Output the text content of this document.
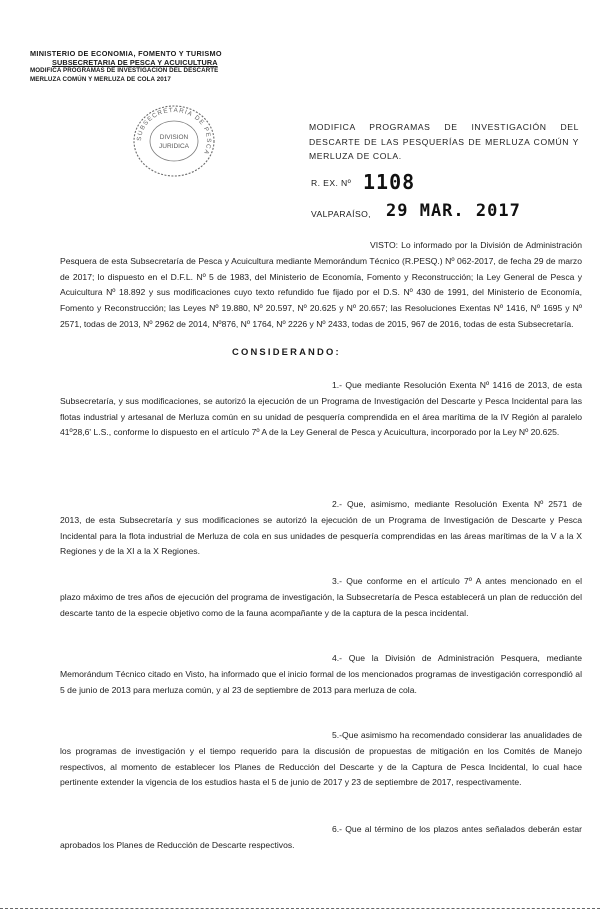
MINISTERIO DE ECONOMIA, FOMENTO Y TURISMO
SUBSECRETARIA DE PESCA Y ACUICULTURA
MODIFICA PROGRAMAS DE INVESTIGACIÓN DEL DESCARTE
MERLUZA COMÚN Y MERLUZA DE COLA 2017
SUBSECRETARIA DE PESCA
DIVISION
JURIDICA
MODIFICA PROGRAMAS DE INVESTIGACIÓN DEL DESCARTE DE LAS PESQUERÍAS DE MERLUZA COMÚN Y MERLUZA DE COLA.
R. EX. Nº 1108
VALPARAÍSO, 29 MAR. 2017
VISTO: Lo informado por la División de Administración Pesquera de esta Subsecretaría de Pesca y Acuicultura mediante Memorándum Técnico (R.PESQ.) Nº 062-2017, de fecha 29 de marzo de 2017; lo dispuesto en el D.F.L. Nº 5 de 1983, del Ministerio de Economía, Fomento y Reconstrucción; la Ley General de Pesca y Acuicultura Nº 18.892 y sus modificaciones cuyo texto refundido fue fijado por el D.S. Nº 430 de 1991, del Ministerio de Economía, Fomento y Reconstrucción; las Leyes Nº 19.880, Nº 20.597, Nº 20.625 y Nº 20.657; las Resoluciones Exentas Nº 1416, Nº 1695 y Nº 2571, todas de 2013, Nº 2962 de 2014, Nº876, Nº 1764, Nº 2226 y Nº 2433, todas de 2015, 967 de 2016, todas de esta Subsecretaría.
CONSIDERANDO:
1.- Que mediante Resolución Exenta Nº 1416 de 2013, de esta Subsecretaría, y sus modificaciones, se autorizó la ejecución de un Programa de Investigación del Descarte y Pesca Incidental para las flotas industrial y artesanal de Merluza común en su unidad de pesquería comprendida en el área marítima de la IV Región al paralelo 41º28,6' L.S., conforme lo dispuesto en el artículo 7º A de la Ley General de Pesca y Acuicultura, incorporado por la Ley Nº 20.625.
2.- Que, asimismo, mediante Resolución Exenta Nº 2571 de 2013, de esta Subsecretaría y sus modificaciones se autorizó la ejecución de un Programa de Investigación de Descarte y Pesca Incidental para la flota industrial de Merluza de cola en sus unidades de pesquería comprendidas en las áreas marítimas de la V a la X Regiones y de la XI a la X Regiones.
3.- Que conforme en el artículo 7º A antes mencionado en el plazo máximo de tres años de ejecución del programa de investigación, la Subsecretaría de Pesca establecerá un plan de reducción del descarte tanto de la especie objetivo como de la fauna acompañante y de la captura de la pesca incidental.
4.- Que la División de Administración Pesquera, mediante Memorándum Técnico citado en Visto, ha informado que el inicio formal de los mencionados programas de investigación correspondió al 5 de junio de 2013 para merluza común, y al 23 de septiembre de 2013 para merluza de cola.
5.-Que asimismo ha recomendado considerar las anualidades de los programas de investigación y el tiempo requerido para la discusión de propuestas de mitigación en los Comités de Manejo respectivos, al momento de establecer los Planes de Reducción del Descarte y de la Captura de Pesca Incidental, lo cual hace pertinente extender la vigencia de los estudios hasta el 5 de junio de 2017 y 23 de septiembre de 2017, respectivamente.
6.- Que al término de los plazos antes señalados deberán estar aprobados los Planes de Reducción de Descarte respectivos.
